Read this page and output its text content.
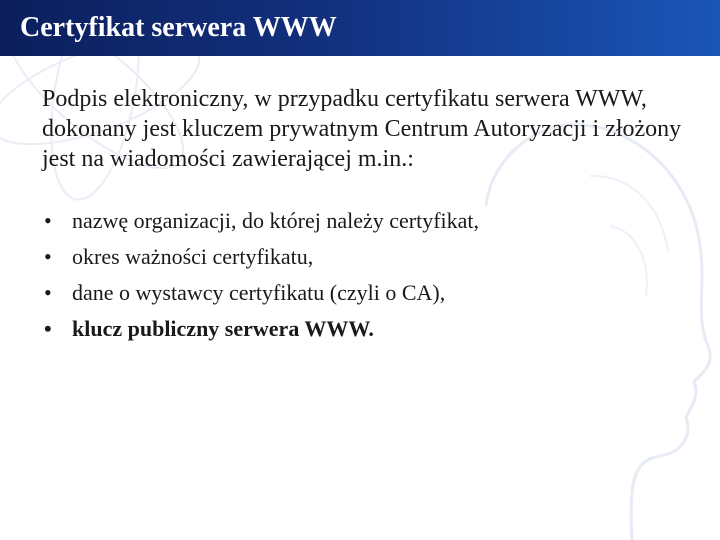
Certyfikat serwera WWW

Podpis elektroniczny, w przypadku certyfikatu serwera WWW, dokonany jest kluczem prywatnym Centrum Autoryzacji i złożony jest na wiadomości zawierającej m.in.:

• nazwę organizacji, do której należy certyfikat,
• okres ważności certyfikatu,
• dane o wystawcy certyfikatu (czyli o CA),
• klucz publiczny serwera WWW.
